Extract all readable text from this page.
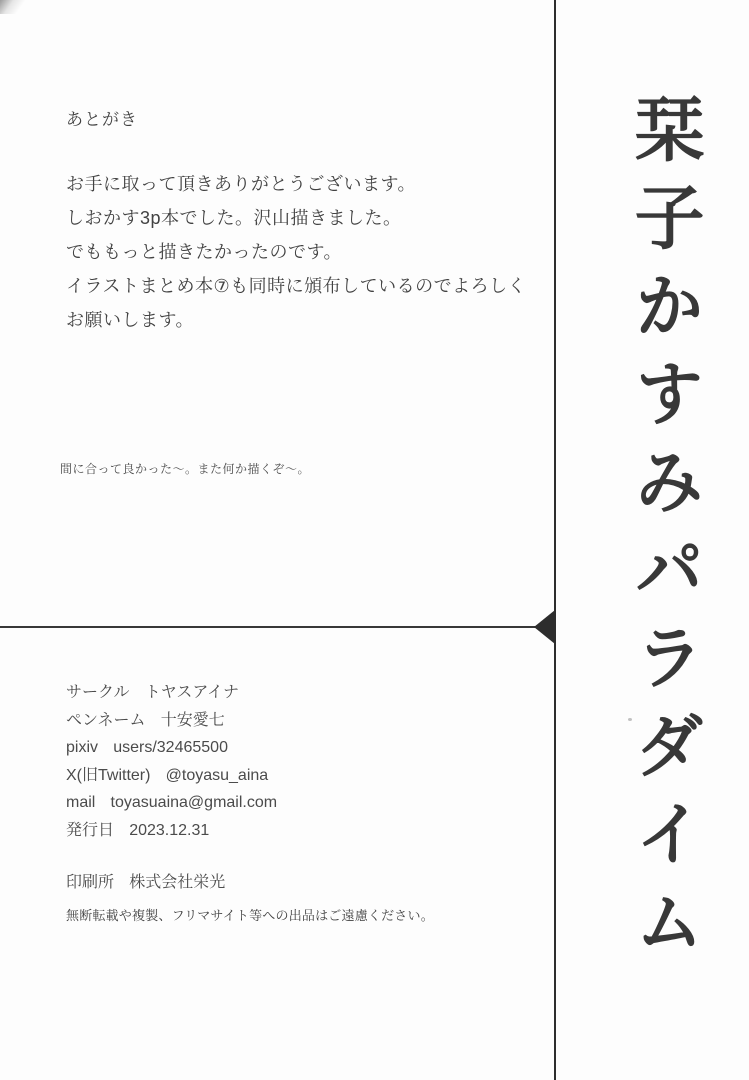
あとがき

お手に取って頂きありがとうございます。

しおかす3p本でした。沢山描きました。

でももっと描きたかったのです。

イラストまとめ本⑦も同時に頒布しているのでよろしく

お願いします。

間に合って良かった～。また何か描くぞ～。

サークル トヤスアイナ
ペンネーム 十安愛七
pixiv users/32465500
X(旧Twitter) @toyasu_aina
mail toyasuaina@gmail.com
発行日 2023.12.31
印刷所 株式会社栄光
無断転載や複製、フリマサイト等への出品はご遠慮ください。	栞子かすみパラダイム
